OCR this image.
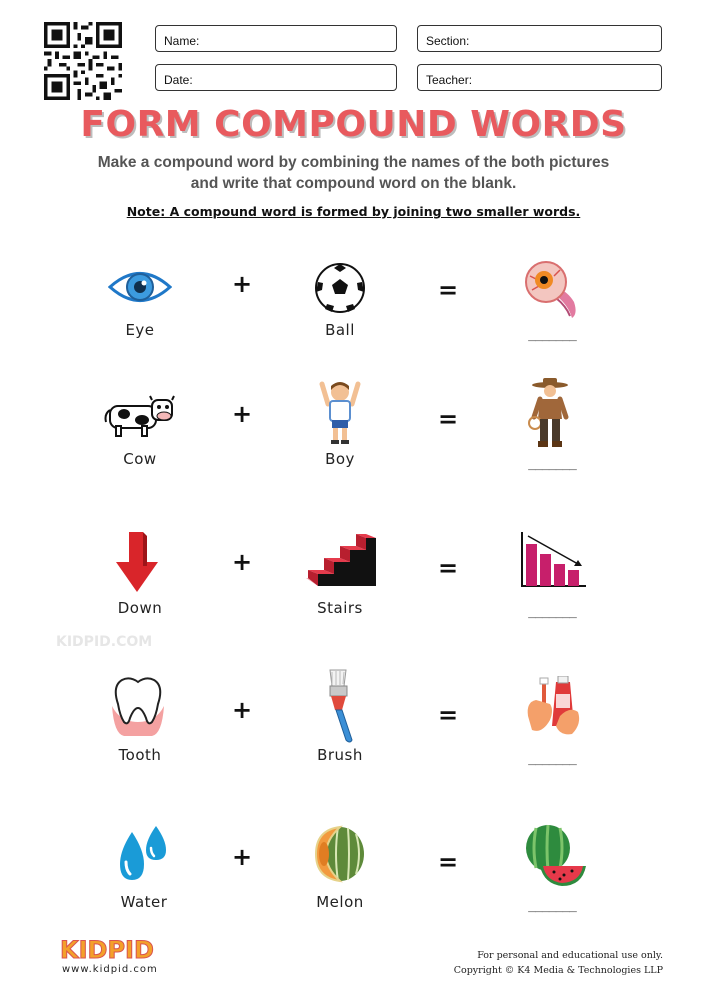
Name:	Section:
Date:	Teacher:
FORM COMPOUND WORDS
Make a compound word by combining the names of the both pictures
and write that compound word on the blank.
Note: A compound word is formed by joining two smaller words.
Eye
+
Ball
=
_______
Cow
+
Boy
=
_______
Down
+
Stairs
=
_______
KIDPID.COM
Tooth
+
Brush
=
_______
Water
+
Melon
=
_______
KIDPID
www.kidpid.com
For personal and educational use only.
Copyright © K4 Media & Technologies LLP
